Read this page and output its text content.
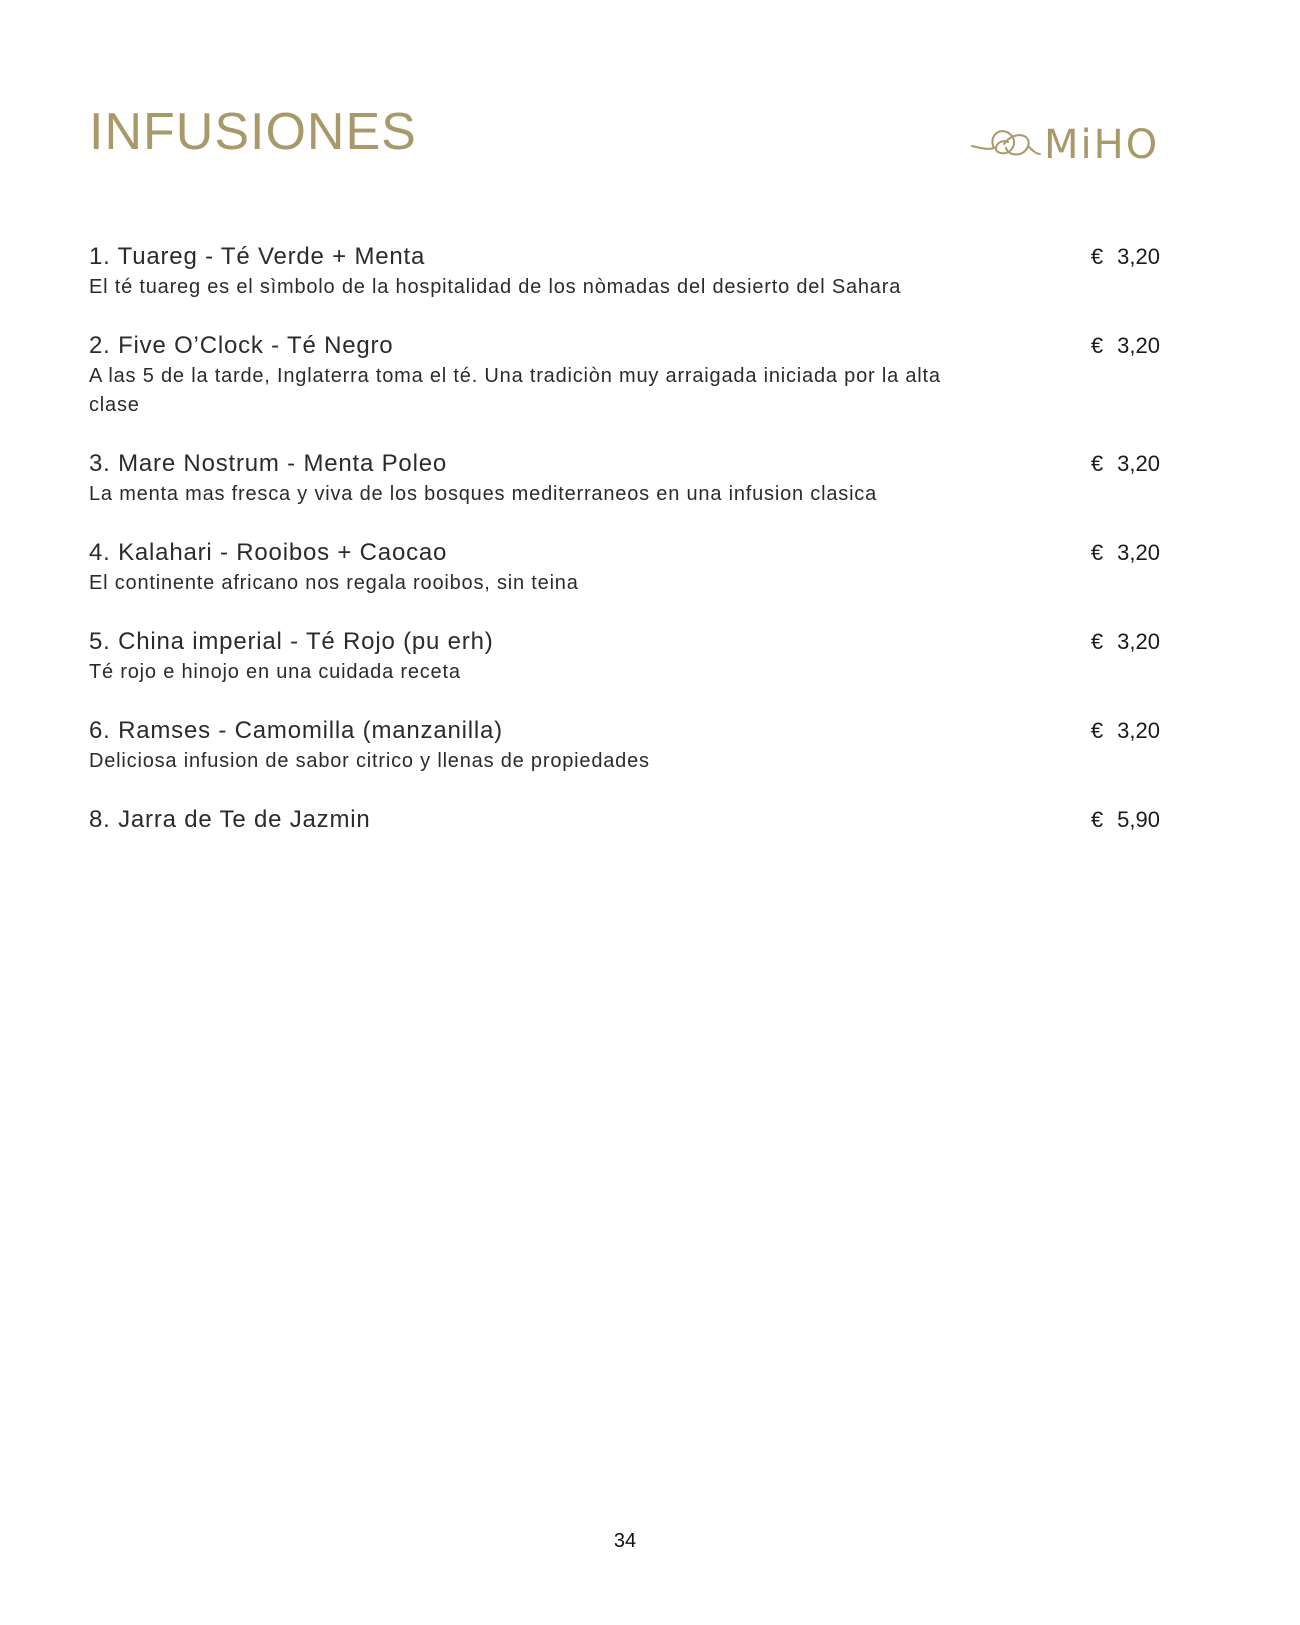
INFUSIONES	MiHO
1. Tuareg - Té Verde + Menta	€ 3,20
El té tuareg es el sìmbolo de la hospitalidad de los nòmadas del desierto del Sahara
2. Five O’Clock - Té Negro	€ 3,20
A las 5 de la tarde, Inglaterra toma el té. Una tradiciòn muy arraigada iniciada por la alta clase
3. Mare Nostrum - Menta Poleo	€ 3,20
La menta mas fresca y viva de los bosques mediterraneos en una infusion clasica
4. Kalahari - Rooibos + Caocao	€ 3,20
El continente africano nos regala rooibos, sin teina
5. China imperial - Té Rojo (pu erh)	€ 3,20
Té rojo e hinojo en una cuidada receta
6. Ramses - Camomilla (manzanilla)	€ 3,20
Deliciosa infusion de sabor citrico y llenas de propiedades
8. Jarra de Te de Jazmin	€ 5,90
34
